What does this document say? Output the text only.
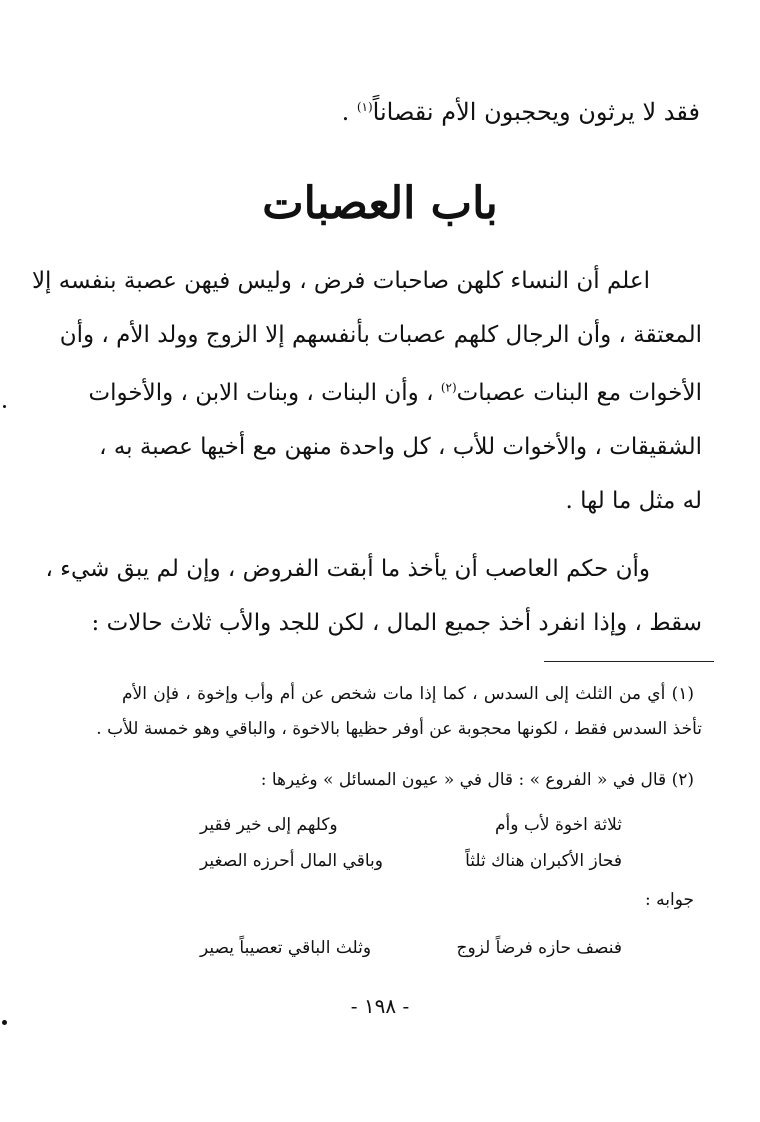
فقد لا يرثون ويحجبون الأم نقصاناً$^{(١)}$ .
باب العصبات
اعلم أن النساء كلهن صاحبات فرض ، وليس فيهن عصبة بنفسه إلا
المعتقة ، وأن الرجال كلهم عصبات بأنفسهم إلا الزوج وولد الأم ، وأن
الأخوات مع البنات عصبات$^{(٢)}$ ، وأن البنات ، وبنات الابن ، والأخوات
الشقيقات ، والأخوات للأب ، كل واحدة منهن مع أخيها عصبة به ،
له مثل ما لها .
وأن حكم العاصب أن يأخذ ما أبقت الفروض ، وإن لم يبق شيء ،
سقط ، وإذا انفرد أخذ جميع المال ، لكن للجد والأب ثلاث حالات :
(١) أي من الثلث إلى السدس ، كما إذا مات شخص عن أم وأب وإخوة ، فإن الأم
تأخذ السدس فقط ، لكونها محجوبة عن أوفر حظيها بالاخوة ، والباقي وهو خمسة للأب .
(٢) قال في « الفروع » : قال في « عيون المسائل » وغيرها :
ثلاثة اخوة لأب وأم
وكلهم إلى خير فقير
فحاز الأكبران هناك ثلثاً
وباقي المال أحرزه الصغير
جوابه :
فنصف حازه فرضاً لزوج
وثلث الباقي تعصيباً يصير
- ١٩٨ -
